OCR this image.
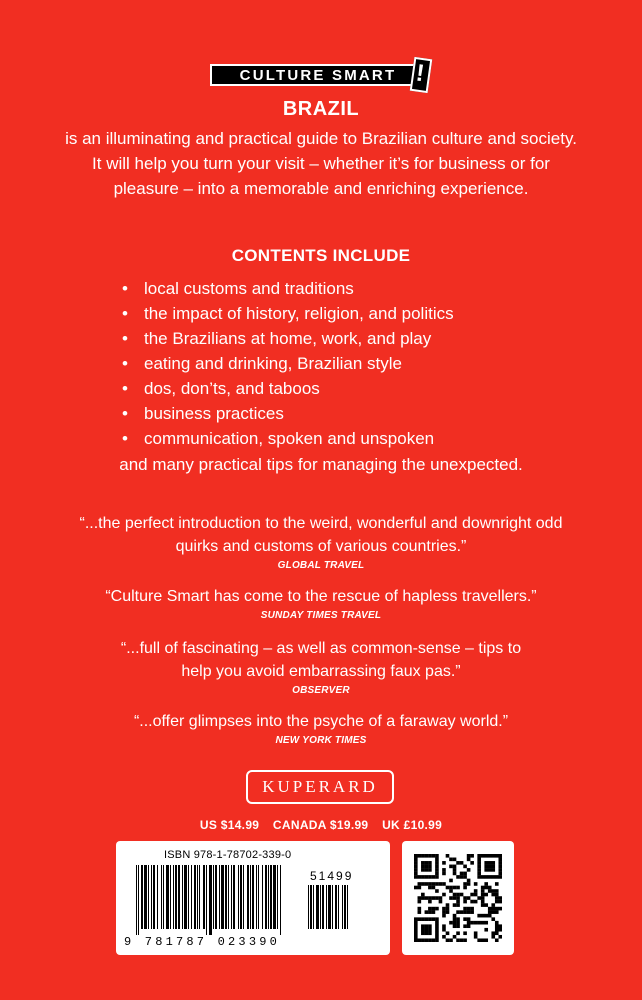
CULTURE SMART !
BRAZIL
is an illuminating and practical guide to Brazilian culture and society. It will help you turn your visit – whether it’s for business or for pleasure – into a memorable and enriching experience.
CONTENTS INCLUDE
• local customs and traditions
• the impact of history, religion, and politics
• the Brazilians at home, work, and play
• eating and drinking, Brazilian style
• dos, don’ts, and taboos
• business practices
• communication, spoken and unspoken
and many practical tips for managing the unexpected.
“...the perfect introduction to the weird, wonderful and downright odd quirks and customs of various countries.”
GLOBAL TRAVEL
“Culture Smart has come to the rescue of hapless travellers.”
SUNDAY TIMES TRAVEL
“...full of fascinating – as well as common-sense – tips to help you avoid embarrassing faux pas.”
OBSERVER
“...offer glimpses into the psyche of a faraway world.”
NEW YORK TIMES
KUPERARD
US $14.99 CANADA $19.99 UK £10.99
ISBN 978-1-78702-339-0
51499
9 781787 023390
